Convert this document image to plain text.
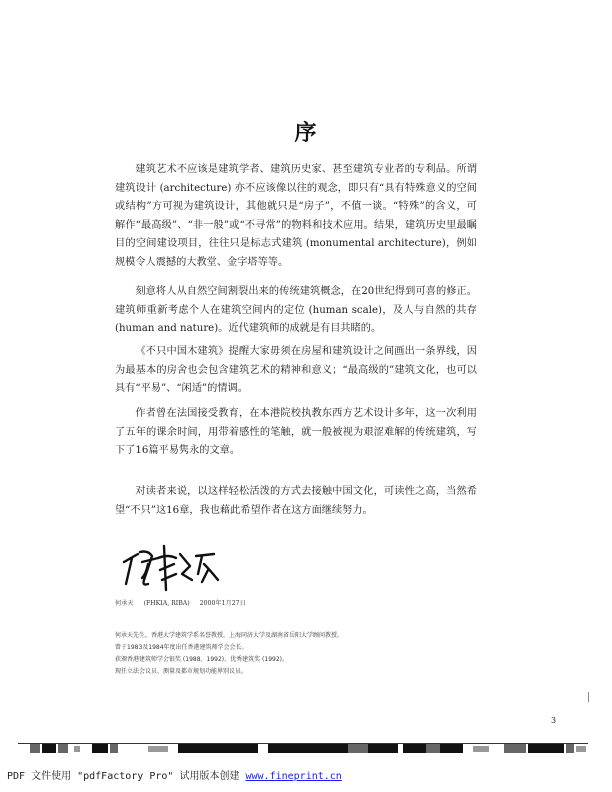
序

建筑艺术不应该是建筑学者、建筑历史家、甚至建筑专业者的专利品。所谓建筑设计 (architecture) 亦不应该像以往的观念，即只有“具有特殊意义的空间或结构”方可视为建筑设计，其他就只是“房子”，不值一谈。“特殊”的含义，可解作“最高级”、“非一般”或“不寻常”的物料和技术应用。结果，建筑历史里最瞩目的空间建设项目，往往只是标志式建筑 (monumental architecture)，例如规模令人震撼的大教堂、金字塔等等。

刻意将人从自然空间割裂出来的传统建筑概念，在20世纪得到可喜的修正。建筑师重新考虑个人在建筑空间内的定位 (human scale)，及人与自然的共存 (human and nature)。近代建筑师的成就是有目共睹的。

《不只中国木建筑》提醒大家毋须在房屋和建筑设计之间画出一条界线，因为最基本的房舍也会包含建筑艺术的精神和意义；“最高级的”建筑文化，也可以具有“平易”、“闲适”的情调。

作者曾在法国接受教育，在本港院校执教东西方艺术设计多年，这一次利用了五年的课余时间，用带着感性的笔触，就一般被视为艰涩难解的传统建筑，写下了16篇平易隽永的文章。

对读者来说，以这样轻松活泼的方式去接触中国文化，可读性之高，当然希望“不只”这16章，我也藉此希望作者在这方面继续努力。

何承天 (FHKIA, RIBA) 2000年1月27日
何承天先生，香港大学建筑学系名誉教授，上海同济大学及湖南省岳阳大学顾问教授。
曾于1983及1984年度出任香港建筑师学会会长。
获颁香港建筑师学会银奖 (1988、1992)、优秀建筑奖 (1992)。
现任立法会议员、测量及都市规划功能界别议员。
3
PDF 文件使用 "pdfFactory Pro" 试用版本创建 www.fineprint.cn
